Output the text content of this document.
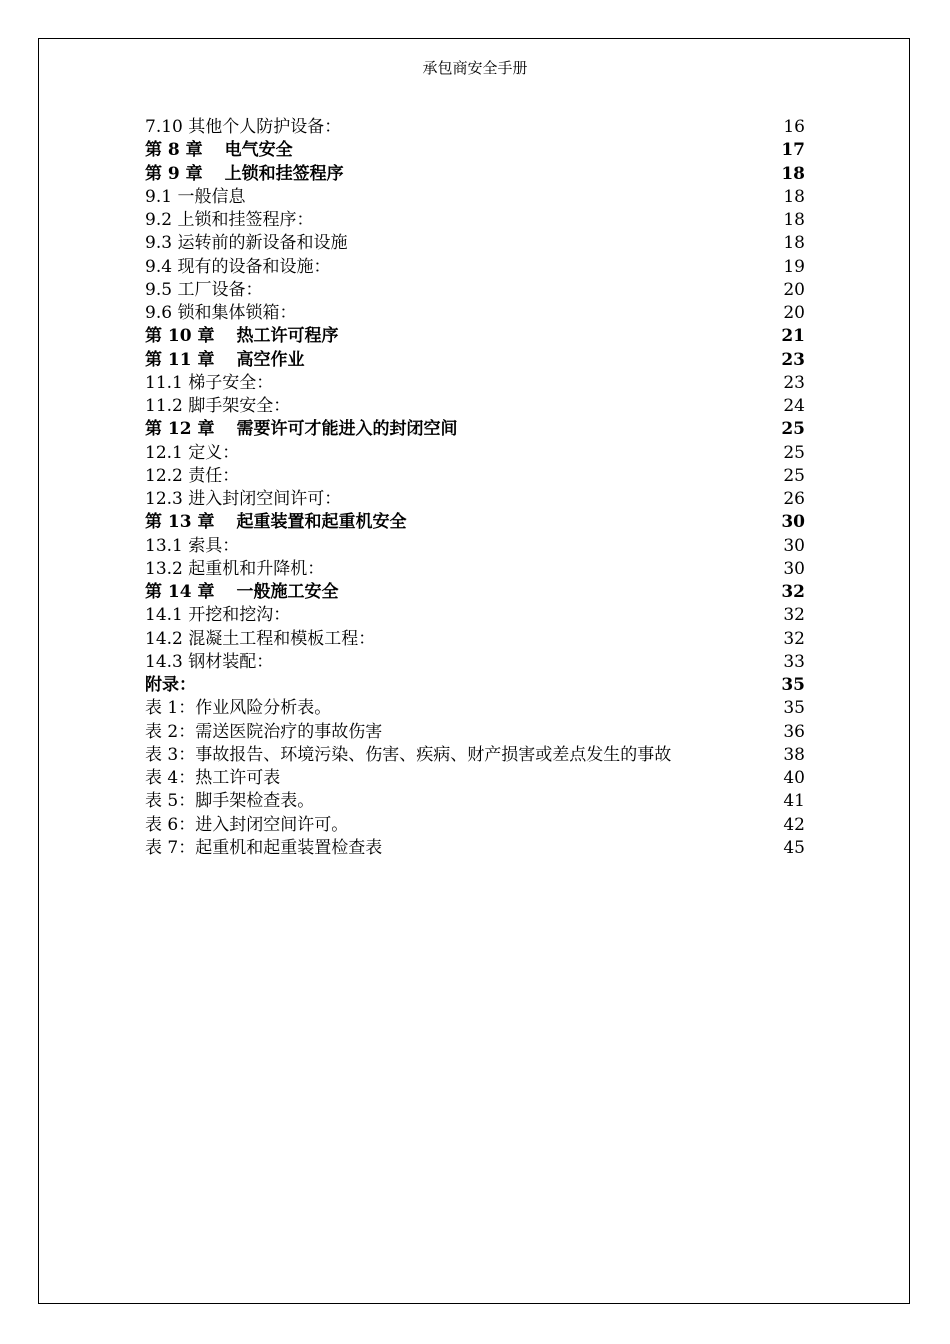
承包商安全手册
7.10 其他个人防护设备：	16
第 8 章 电气安全	17
第 9 章 上锁和挂签程序	18
9.1 一般信息	18
9.2 上锁和挂签程序：	18
9.3 运转前的新设备和设施	18
9.4 现有的设备和设施：	19
9.5 工厂设备：	20
9.6 锁和集体锁箱：	20
第 10 章 热工许可程序	21
第 11 章 高空作业	23
11.1 梯子安全：	23
11.2 脚手架安全：	24
第 12 章 需要许可才能进入的封闭空间	25
12.1 定义：	25
12.2 责任：	25
12.3 进入封闭空间许可：	26
第 13 章 起重装置和起重机安全	30
13.1 索具：	30
13.2 起重机和升降机：	30
第 14 章 一般施工安全	32
14.1 开挖和挖沟：	32
14.2 混凝土工程和模板工程：	32
14.3 钢材装配：	33
附录：	35
表 1：作业风险分析表。	35
表 2：需送医院治疗的事故伤害	36
表 3：事故报告、环境污染、伤害、疾病、财产损害或差点发生的事故	38
表 4：热工许可表	40
表 5：脚手架检查表。	41
表 6：进入封闭空间许可。	42
表 7：起重机和起重装置检查表	45
